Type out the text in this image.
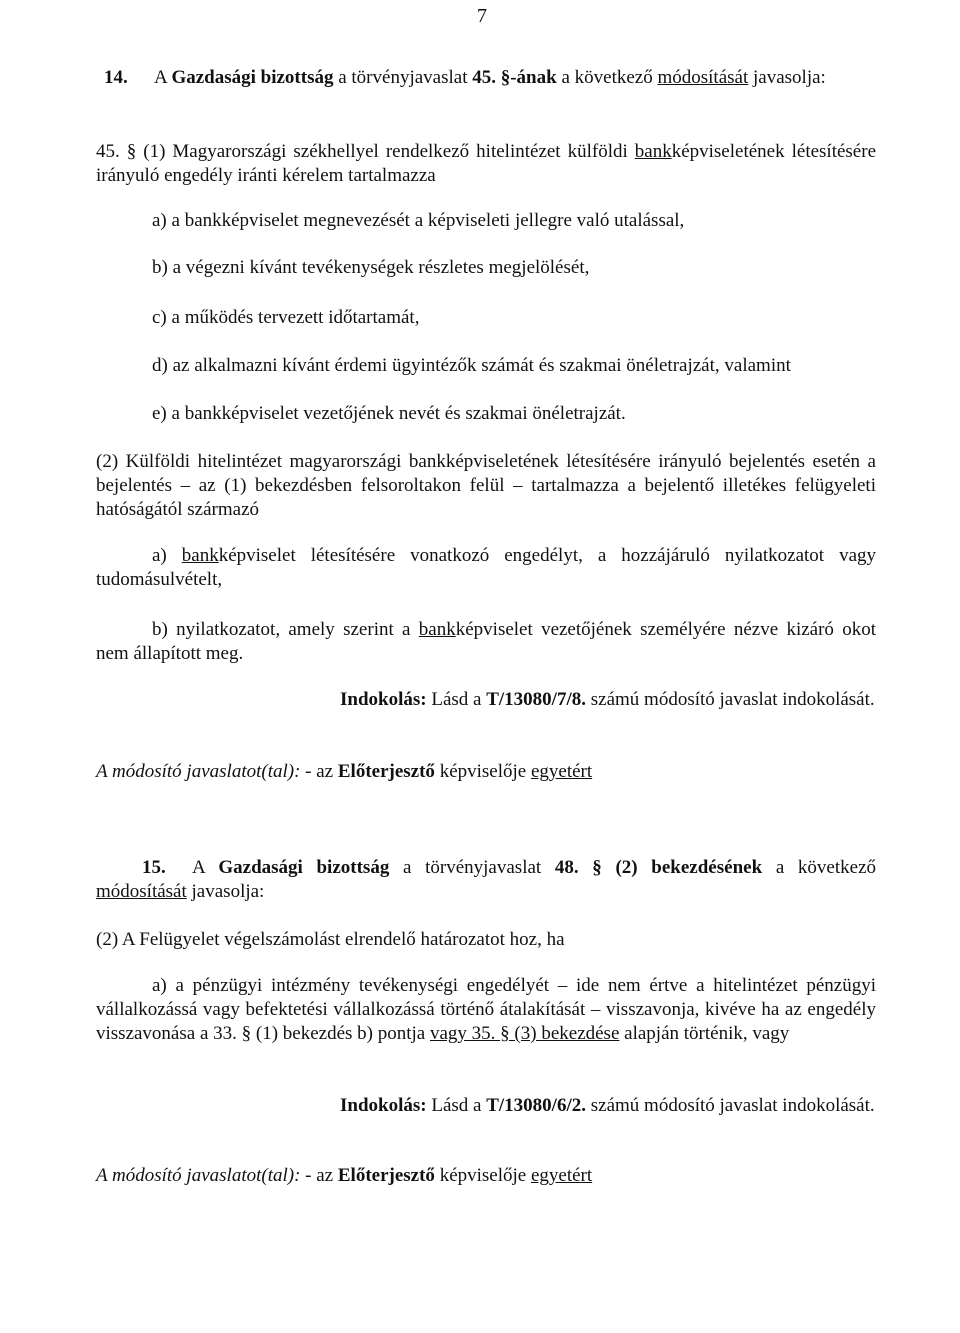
7
14. A Gazdasági bizottság a törvényjavaslat 45. §-ának a következő módosítását javasolja:
45. § (1) Magyarországi székhellyel rendelkező hitelintézet külföldi bankképviseletének létesítésére irányuló engedély iránti kérelem tartalmazza
a) a bankképviselet megnevezését a képviseleti jellegre való utalással,
b) a végezni kívánt tevékenységek részletes megjelölését,
c) a működés tervezett időtartamát,
d) az alkalmazni kívánt érdemi ügyintézők számát és szakmai önéletrajzát, valamint
e) a bankképviselet vezetőjének nevét és szakmai önéletrajzát.
(2) Külföldi hitelintézet magyarországi bankképviseletének létesítésére irányuló bejelentés esetén a bejelentés – az (1) bekezdésben felsoroltakon felül – tartalmazza a bejelentő illetékes felügyeleti hatóságától származó
a) bankképviselet létesítésére vonatkozó engedélyt, a hozzájáruló nyilatkozatot vagy tudomásulvételt,
b) nyilatkozatot, amely szerint a bankképviselet vezetőjének személyére nézve kizáró okot nem állapított meg.
Indokolás: Lásd a T/13080/7/8. számú módosító javaslat indokolását.
A módosító javaslatot(tal): - az Előterjesztő képviselője egyetért
15. A Gazdasági bizottság a törvényjavaslat 48. § (2) bekezdésének a következő módosítását javasolja:
(2) A Felügyelet végelszámolást elrendelő határozatot hoz, ha
a) a pénzügyi intézmény tevékenységi engedélyét – ide nem értve a hitelintézet pénzügyi vállalkozássá vagy befektetési vállalkozássá történő átalakítását – visszavonja, kivéve ha az engedély visszavonása a 33. § (1) bekezdés b) pontja vagy 35. § (3) bekezdése alapján történik, vagy
Indokolás: Lásd a T/13080/6/2. számú módosító javaslat indokolását.
A módosító javaslatot(tal): - az Előterjesztő képviselője egyetért
